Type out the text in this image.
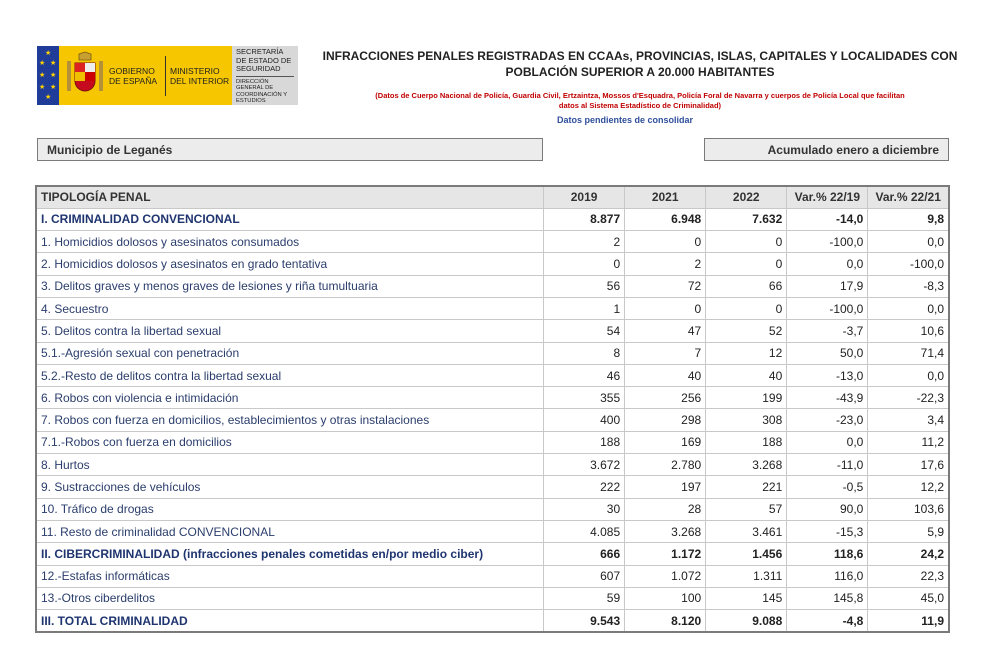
★
★ ★
★ ★
★ ★
★
GOBIERNO DE ESPAÑA
MINISTERIO DEL INTERIOR
SECRETARÍA DE ESTADO DE SEGURIDAD
DIRECCIÓN GENERAL DE COORDINACIÓN Y ESTUDIOS
INFRACCIONES PENALES REGISTRADAS EN CCAAs, PROVINCIAS, ISLAS, CAPITALES Y LOCALIDADES CON
POBLACIÓN SUPERIOR A 20.000 HABITANTES
(Datos de Cuerpo Nacional de Policía, Guardia Civil, Ertzaintza, Mossos d'Esquadra, Policía Foral de Navarra y cuerpos de Policía Local que facilitan
datos al Sistema Estadístico de Criminalidad)
Datos pendientes de consolidar
Municipio de Leganés	Acumulado enero a diciembre
TIPOLOGÍA PENAL	2019	2021	2022	Var.% 22/19	Var.% 22/21
I. CRIMINALIDAD CONVENCIONAL	8.877	6.948	7.632	-14,0	9,8
1. Homicidios dolosos y asesinatos consumados	2	0	0	-100,0	0,0
2. Homicidios dolosos y asesinatos en grado tentativa	0	2	0	0,0	-100,0
3. Delitos graves y menos graves de lesiones y riña tumultuaria	56	72	66	17,9	-8,3
4. Secuestro	1	0	0	-100,0	0,0
5. Delitos contra la libertad sexual	54	47	52	-3,7	10,6
5.1.-Agresión sexual con penetración	8	7	12	50,0	71,4
5.2.-Resto de delitos contra la libertad sexual	46	40	40	-13,0	0,0
6. Robos con violencia e intimidación	355	256	199	-43,9	-22,3
7. Robos con fuerza en domicilios, establecimientos y otras instalaciones	400	298	308	-23,0	3,4
7.1.-Robos con fuerza en domicilios	188	169	188	0,0	11,2
8. Hurtos	3.672	2.780	3.268	-11,0	17,6
9. Sustracciones de vehículos	222	197	221	-0,5	12,2
10. Tráfico de drogas	30	28	57	90,0	103,6
11. Resto de criminalidad CONVENCIONAL	4.085	3.268	3.461	-15,3	5,9
II. CIBERCRIMINALIDAD (infracciones penales cometidas en/por medio ciber)	666	1.172	1.456	118,6	24,2
12.-Estafas informáticas	607	1.072	1.311	116,0	22,3
13.-Otros ciberdelitos	59	100	145	145,8	45,0
III. TOTAL CRIMINALIDAD	9.543	8.120	9.088	-4,8	11,9
